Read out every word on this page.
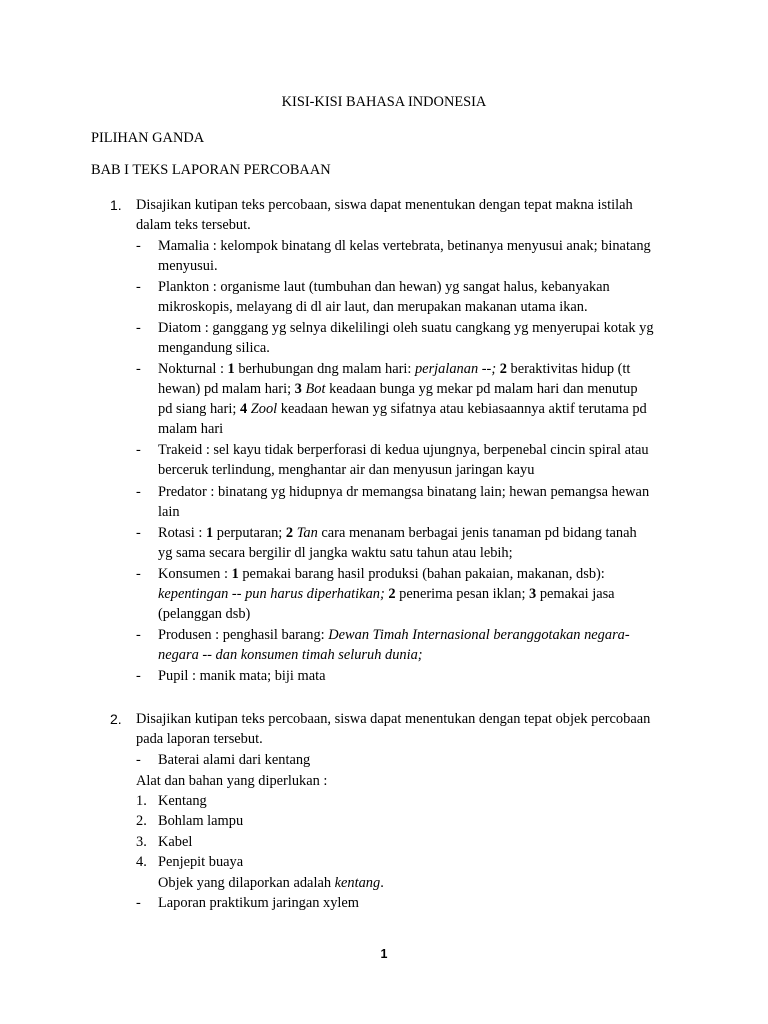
KISI-KISI BAHASA INDONESIA
PILIHAN GANDA
BAB I TEKS LAPORAN PERCOBAAN
1. Disajikan kutipan teks percobaan, siswa dapat menentukan dengan tepat makna istilah
dalam teks tersebut.
- Mamalia : kelompok binatang dl kelas vertebrata, betinanya menyusui anak; binatang
menyusui.
- Plankton : organisme laut (tumbuhan dan hewan) yg sangat halus, kebanyakan
mikroskopis, melayang di dl air laut, dan merupakan makanan utama ikan.
- Diatom : ganggang yg selnya dikelilingi oleh suatu cangkang yg menyerupai kotak yg
mengandung silica.
- Nokturnal : 1 berhubungan dng malam hari: perjalanan --; 2 beraktivitas hidup (tt
hewan) pd malam hari; 3 Bot keadaan bunga yg mekar pd malam hari dan menutup
pd siang hari; 4 Zool keadaan hewan yg sifatnya atau kebiasaannya aktif terutama pd
malam hari
- Trakeid : sel kayu tidak berperforasi di kedua ujungnya, berpenebal cincin spiral atau
berceruk terlindung, menghantar air dan menyusun jaringan kayu
- Predator : binatang yg hidupnya dr memangsa binatang lain; hewan pemangsa hewan
lain
- Rotasi : 1 perputaran; 2 Tan cara menanam berbagai jenis tanaman pd bidang tanah
yg sama secara bergilir dl jangka waktu satu tahun atau lebih;
- Konsumen : 1 pemakai barang hasil produksi (bahan pakaian, makanan, dsb):
kepentingan -- pun harus diperhatikan; 2 penerima pesan iklan; 3 pemakai jasa
(pelanggan dsb)
- Produsen : penghasil barang: Dewan Timah Internasional beranggotakan negara-
negara -- dan konsumen timah seluruh dunia;
- Pupil : manik mata; biji mata
2. Disajikan kutipan teks percobaan, siswa dapat menentukan dengan tepat objek percobaan
pada laporan tersebut.
- Baterai alami dari kentang
Alat dan bahan yang diperlukan :
1. Kentang
2. Bohlam lampu
3. Kabel
4. Penjepit buaya
Objek yang dilaporkan adalah kentang.
- Laporan praktikum jaringan xylem
1
